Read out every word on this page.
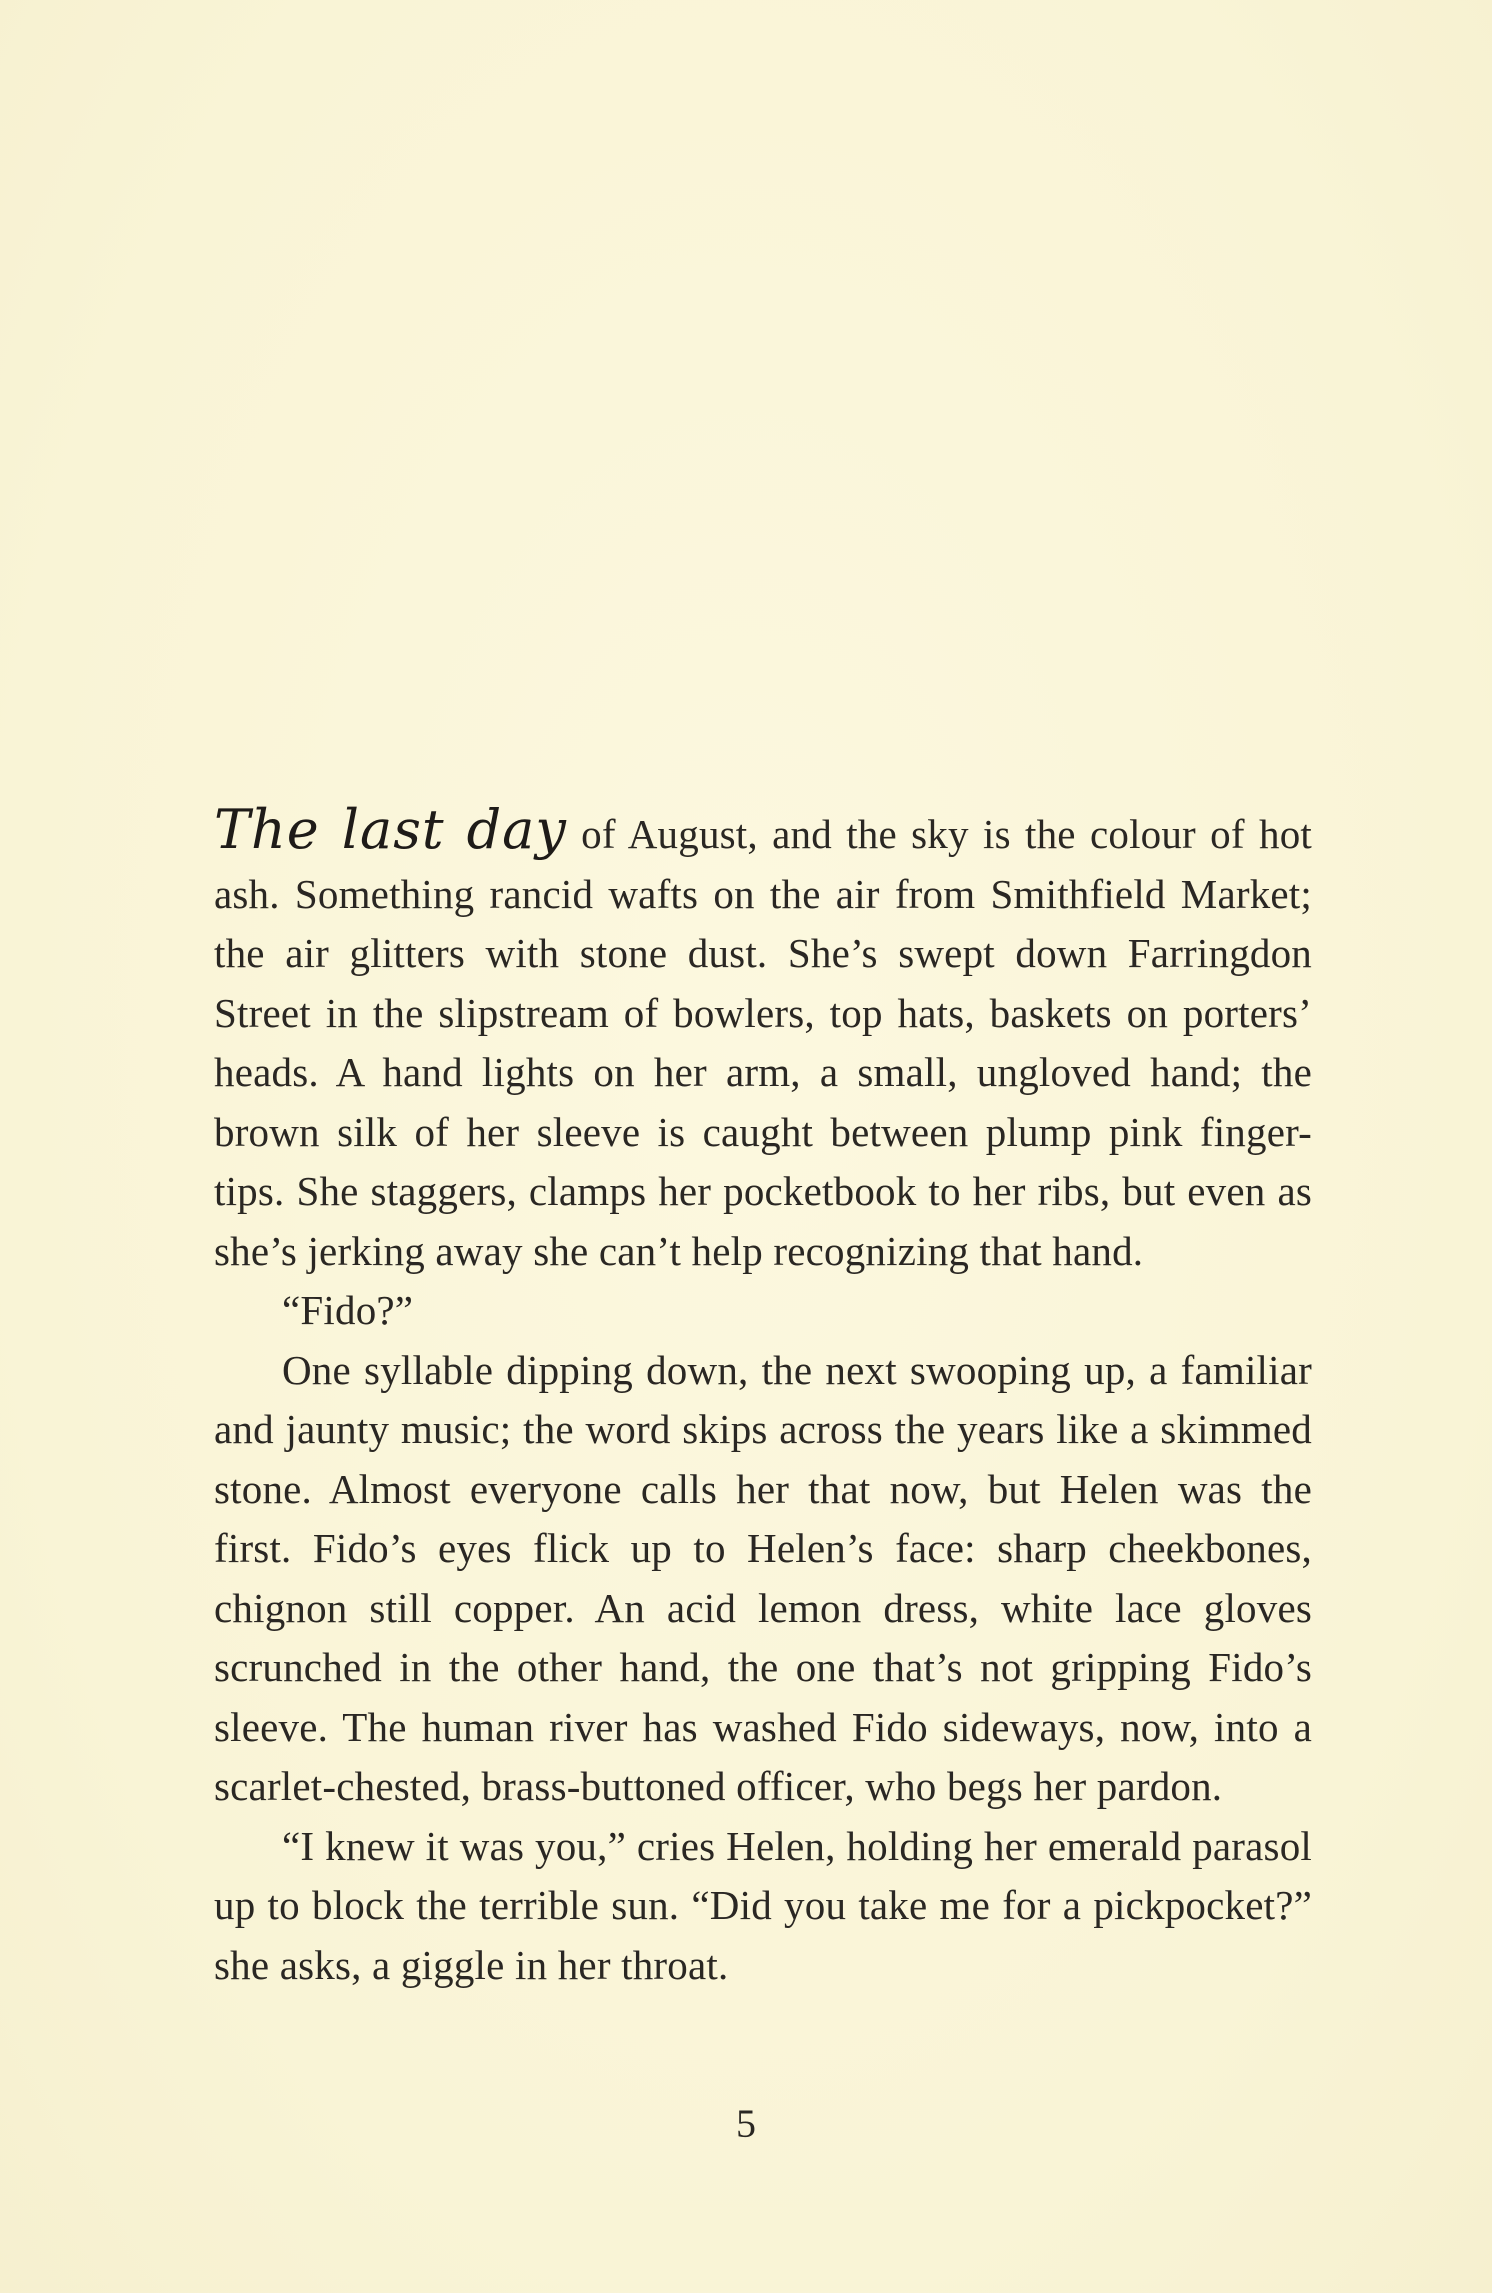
The last day of August, and the sky is the colour of hot ash. Something rancid wafts on the air from Smithfield Market; the air glitters with stone dust. She’s swept down Farringdon Street in the slipstream of bowlers, top hats, baskets on porters’ heads. A hand lights on her arm, a small, ungloved hand; the brown silk of her sleeve is caught between plump pink finger-tips. She staggers, clamps her pocketbook to her ribs, but even as she’s jerking away she can’t help recognizing that hand.

“Fido?”

One syllable dipping down, the next swooping up, a familiar and jaunty music; the word skips across the years like a skimmed stone. Almost everyone calls her that now, but Helen was the first. Fido’s eyes flick up to Helen’s face: sharp cheekbones, chignon still copper. An acid lemon dress, white lace gloves scrunched in the other hand, the one that’s not gripping Fido’s sleeve. The human river has washed Fido sideways, now, into a scarlet-chested, brass-buttoned officer, who begs her pardon.

“I knew it was you,” cries Helen, holding her emerald parasol up to block the terrible sun. “Did you take me for a pickpocket?” she asks, a giggle in her throat.

5
